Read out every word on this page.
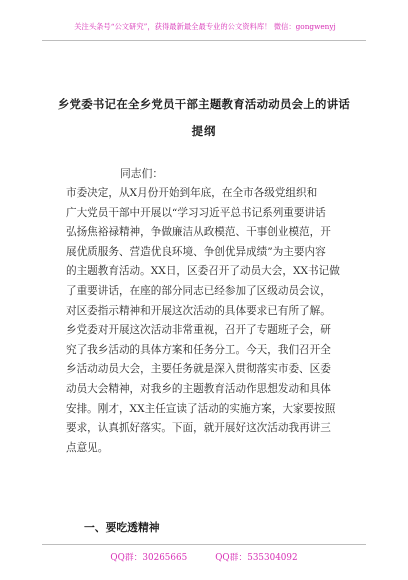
关注头条号“公文研究”，获得最新最全最专业的公文资料库！ 微信：gongwenyj
乡党委书记在全乡党员干部主题教育活动动员会上的讲话
提纲
同志们：
市委决定，从X月份开始到年底，在全市各级党组织和
广大党员干部中开展以“学习习近平总书记系列重要讲话
弘扬焦裕禄精神，争做廉洁从政模范、干事创业模范，开
展优质服务、营造优良环境、争创优异成绩”为主要内容
的主题教育活动。XX日，区委召开了动员大会，XX书记做
了重要讲话，在座的部分同志已经参加了区级动员会议，
对区委指示精神和开展这次活动的具体要求已有所了解。
乡党委对开展这次活动非常重视，召开了专题班子会，研
究了我乡活动的具体方案和任务分工。今天，我们召开全
乡活动动员大会，主要任务就是深入贯彻落实市委、区委
动员大会精神，对我乡的主题教育活动作思想发动和具体
安排。刚才，XX主任宣读了活动的实施方案，大家要按照
要求，认真抓好落实。下面，就开展好这次活动我再讲三
点意见。
一、要吃透精神
QQ群：30265665	QQ群：535304092
